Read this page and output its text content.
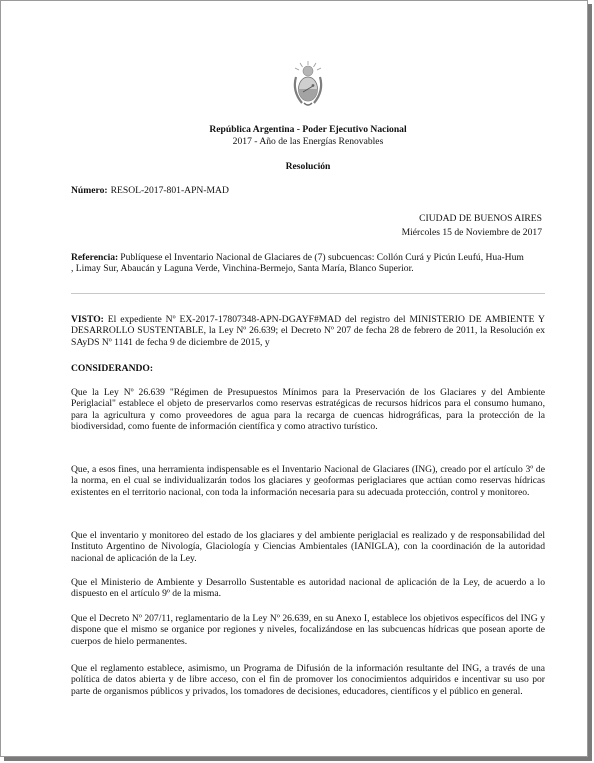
República Argentina - Poder Ejecutivo Nacional
2017 - Año de las Energías Renovables
Resolución
Número: RESOL-2017-801-APN-MAD
CIUDAD DE BUENOS AIRES
Miércoles 15 de Noviembre de 2017
Referencia: Publíquese el Inventario Nacional de Glaciares de (7) subcuencas: Collón Curá y Picún Leufú, Hua-Hum
, Limay Sur, Abaucán y Laguna Verde, Vinchina-Bermejo, Santa María, Blanco Superior.
VISTO: El expediente Nº EX-2017-17807348-APN-DGAYF#MAD del registro del MINISTERIO DE AMBIENTE Y DESARROLLO SUSTENTABLE, la Ley Nº 26.639; el Decreto Nº 207 de fecha 28 de febrero de 2011, la Resolución ex SAyDS Nº 1141 de fecha 9 de diciembre de 2015, y
CONSIDERANDO:
Que la Ley Nº 26.639 "Régimen de Presupuestos Mínimos para la Preservación de los Glaciares y del Ambiente Periglacial" establece el objeto de preservarlos como reservas estratégicas de recursos hídricos para el consumo humano, para la agricultura y como proveedores de agua para la recarga de cuencas hidrográficas, para la protección de la biodiversidad, como fuente de información científica y como atractivo turístico.
Que, a esos fines, una herramienta indispensable es el Inventario Nacional de Glaciares (ING), creado por el artículo 3º de la norma, en el cual se individualizarán todos los glaciares y geoformas periglaciares que actúan como reservas hídricas existentes en el territorio nacional, con toda la información necesaria para su adecuada protección, control y monitoreo.
Que el inventario y monitoreo del estado de los glaciares y del ambiente periglacial es realizado y de responsabilidad del Instituto Argentino de Nivología, Glaciología y Ciencias Ambientales (IANIGLA), con la coordinación de la autoridad nacional de aplicación de la Ley.
Que el Ministerio de Ambiente y Desarrollo Sustentable es autoridad nacional de aplicación de la Ley, de acuerdo a lo dispuesto en el artículo 9º de la misma.
Que el Decreto Nº 207/11, reglamentario de la Ley Nº 26.639, en su Anexo I, establece los objetivos específicos del ING y dispone que el mismo se organice por regiones y niveles, focalizándose en las subcuencas hídricas que posean aporte de cuerpos de hielo permanentes.
Que el reglamento establece, asimismo, un Programa de Difusión de la información resultante del ING, a través de una política de datos abierta y de libre acceso, con el fin de promover los conocimientos adquiridos e incentivar su uso por parte de organismos públicos y privados, los tomadores de decisiones, educadores, científicos y el público en general.
